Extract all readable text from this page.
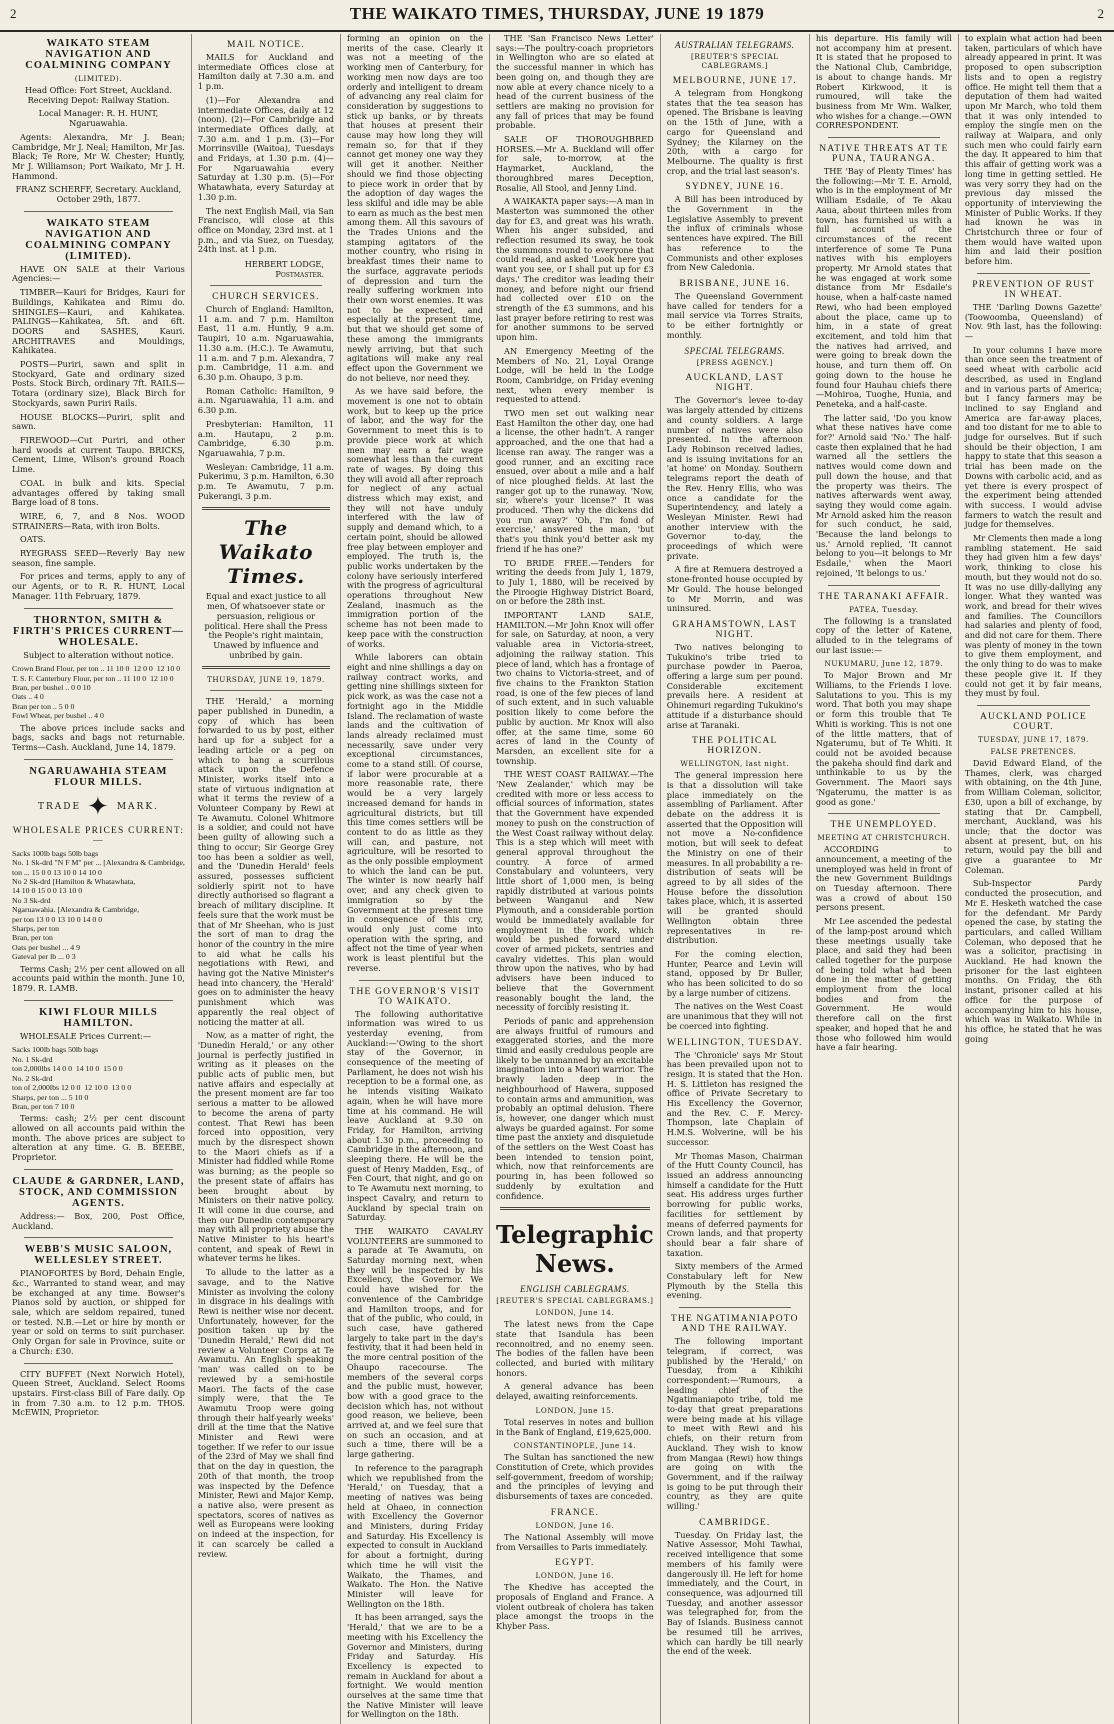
2	THE WAIKATO TIMES, THURSDAY, JUNE 19 1879	2
WAIKATO STEAM NAVIGATION AND COALMINING COMPANY
(LIMITED).

Head Office: Fort Street, Auckland. Receiving Depot: Railway Station.

Local Manager: R. H. HUNT, Ngaruawahia.

Agents: Alexandra, Mr J. Bean; Cambridge, Mr J. Neal; Hamilton, Mr Jas. Black; Te Rore, Mr W. Chester; Huntly, Mr J. Williamson; Port Waikato, Mr J. H. Hammond.

FRANZ SCHERFF, Secretary. Auckland, October 29th, 1877.

WAIKATO STEAM NAVIGATION AND COALMINING COMPANY (LIMITED).

HAVE ON SALE at their Various Agencies:—

TIMBER—Kauri for Bridges, Kauri for Buildings, Kahikatea and Rimu do. SHINGLES—Kauri, and Kahikatea. PALINGS—Kahikatea, 5ft. and 6ft. DOORS and SASHES, Kauri. ARCHITRAVES and Mouldings, Kahikatea.

POSTS—Puriri, sawn and split in Stockyard, Gate and ordinary sized Posts. Stock Birch, ordinary 7ft. RAILS—Totara (ordinary size), Black Birch for Stockyards, sawn Puriri Rails.

HOUSE BLOCKS—Puriri, split and sawn.

FIREWOOD—Cut Puriri, and other hard woods at current Taupo. BRICKS, Cement, Lime, Wilson's ground Roach Lime.

COAL in bulk and kits. Special advantages offered by taking small Barge load of 8 tons.

WIRE, 6, 7, and 8 Nos. WOOD STRAINERS—Rata, with iron Bolts.

OATS.

RYEGRASS SEED—Reverly Bay new season, fine sample.

For prices and terms, apply to any of our Agents, or to R. R. HUNT, Local Manager. 11th February, 1879.

THORNTON, SMITH & FIRTH'S PRICES CURRENT—WHOLESALE.

Subject to alteration without notice.

Crown Brand Flour, per ton .. 11 10 0  12 0 0  12 10 0
T. S. F. Canterbury Flour, per ton .. 11 10 0  12 10 0
Bran, per bushel .. 0 0 10
Oats .. 4 0
Bran per ton .. 5 0 0
Fowl Wheat, per bushel .. 4 0

The above prices include sacks and bags, sacks and bags not returnable. Terms—Cash. Auckland, June 14, 1879.

NGARUAWAHIA STEAM FLOUR MILLS.
TRADE ✦ MARK.
WHOLESALE PRICES CURRENT:—
Sacks 100lb bags 50lb bags
No. 1 Sk-drd "N F M" per ... [Alexandra & Cambridge,
ton ... 15 0 0 13 10 0 14 10 0
No 2 Sk-drd [Hamilton & Whatawhata,
14 10 0 15 0 0 13 10 0
No 3 Sk-drd
Ngaruawahia. [Alexandra & Cambridge,
per ton 13 0 0 13 10 0 14 0 0
Sharps, per ton
Bran, per ton
Oats per bushel ... 4 9
Gateval per lb ... 0 3

Terms Cash; 2½ per cent allowed on all accounts paid within the month. June 10, 1879. R. LAMB.

KIWI FLOUR MILLS HAMILTON.

WHOLESALE Prices Current:—

Sacks 100lb bags 50lb bags
No. 1 Sk-drd
ton 2,000lbs 14 0 0  14 10 0  15 0 0
No. 2 Sk-drd
ton of 2,000lbs 12 0 0  12 10 0  13 0 0
Sharps, per ton ... 5 10 0
Bran, per ton 7 10 0

Terms: cash; 2½ per cent discount allowed on all accounts paid within the month. The above prices are subject to alteration at any time. G. B. BEEBE, Proprietor.

CLAUDE & GARDNER, LAND, STOCK, AND COMMISSION AGENTS.

Address:— Box, 200, Post Office, Auckland.

WEBB'S MUSIC SALOON, WELLESLEY STREET.

PIANOFORTES by Bord, Dehain Engle, &c., Warranted to stand wear, and may be exchanged at any time. Bowser's Pianos sold by auction, or shipped for sale, which are seldom repaired, tuned or tested. N.B.—Let or hire by month or year or sold on terms to suit purchaser. Only Organ for sale in Province, suite or a Church: £30.

CITY BUFFET (Next Norwich Hotel), Queen Street, Auckland. Select Rooms upstairs. First-class Bill of Fare daily. Op in from 7.30 a.m. to 12 p.m. THOS. McEWIN, Proprietor.

MAIL NOTICE.

MAILS for Auckland and intermediate Offices close at Hamilton daily at 7.30 a.m. and 1 p.m.

(1)—For Alexandra and intermediate Offices, daily at 12 (noon). (2)—For Cambridge and intermediate Offices daily, at 7.30 a.m. and 1 p.m. (3)—For Morrinsville (Waitoa), Tuesdays and Fridays, at 1.30 p.m. (4)—For Ngaruawahia every Saturday at 1.30 p.m. (5)—For Whatawhata, every Saturday at 1.30 p.m.

The next English Mail, via San Francisco, will close at this office on Monday, 23rd inst. at 1 p.m., and via Suez, on Tuesday, 24th inst. at 1 p.m.

HERBERT LODGE, Postmaster.
CHURCH SERVICES.

Church of England: Hamilton, 11 a.m. and 7 p.m. Hamilton East, 11 a.m. Huntly, 9 a.m. Taupiri, 10 a.m. Ngaruawahia, 11.30 a.m. (H.C.). Te Awamutu, 11 a.m. and 7 p.m. Alexandra, 7 p.m. Cambridge, 11 a.m. and 6.30 p.m. Ohaupo, 3 p.m.

Roman Catholic: Hamilton, 9 a.m. Ngaruawahia, 11 a.m. and 6.30 p.m.

Presbyterian: Hamilton, 11 a.m. Hautapu, 2 p.m. Cambridge, 6.30 p.m. Ngaruawahia, 7 p.m.

Wesleyan: Cambridge, 11 a.m. Pukerimu, 3 p.m. Hamilton, 6.30 p.m. Te Awamutu, 7 p.m. Pukerangi, 3 p.m.

The Waikato Times.

Equal and exact justice to all men, Of whatsoever state or persuasion, religious or political. Here shall the Press the People's right maintain, Unawed by influence and unbribed by gain.

THURSDAY, JUNE 19, 1879.

THE 'Herald,' a morning paper published in Dunedin, a copy of which has been forwarded to us by post, either hard up for a subject for a leading article or a peg on which to hang a scurrilous attack upon the Defence Minister, works itself into a state of virtuous indignation at what it terms the review of a Volunteer Company by Rewi at Te Awamutu. Colonel Whitmore is a soldier, and could not have been guilty of allowing such a thing to occur; Sir George Grey too has been a soldier as well, and the 'Dunedin Herald' feels assured, possesses sufficient soldierly spirit not to have directly authorised so flagrant a breach of military discipline. It feels sure that the work must be that of Mr Sheehan, who is just the sort of man to drag the honor of the country in the mire to aid what he calls his negotiations with Rewi, and having got the Native Minister's head into chancery, the 'Herald' goes on to administer the heavy punishment which was apparently the real object of noticing the matter at all.

Now, as a matter of right, the 'Dunedin Herald,' or any other journal is perfectly justified in writing as it pleases on the public acts of public men, but native affairs and especially at the present moment are far too serious a matter to be allowed to become the arena of party contest. That Rewi has been forced into opposition, very much by the disrespect shown to the Maori chiefs as if a Minister had fiddled while Rome was burning; as the people so the present state of affairs has been brought about by Ministers on their native policy. It will come in due course, and then our Dunedin contemporary may with all propriety abuse the Native Minister to his heart's content, and speak of Rewi in whatever terms he likes.

To allude to the latter as a savage, and to the Native Minister as involving the colony in disgrace in his dealings with Rewi is neither wise nor decent. Unfortunately, however, for the position taken up by the 'Dunedin Herald,' Rewi did not review a Volunteer Corps at Te Awamutu. An English speaking 'man' was called on to be reviewed by a semi-hostile Maori. The facts of the case simply were, that the Te Awamutu Troop were going through their half-yearly weeks' drill at the time that the Native Minister and Rewi were together. If we refer to our issue of the 23rd of May we shall find that on the day in question, the 20th of that month, the troop was inspected by the Defence Minister, Rewi and Major Kemp, a native also, were present as spectators, scores of natives as well as Europeans were looking on indeed at the inspection, for it can scarcely be called a review.

forming an opinion on the merits of the case. Clearly it was not a meeting of the working men of Canterbury, for working men now days are too orderly and intelligent to dream of advancing any real claim for consideration by suggestions to stick up banks, or by threats that houses at present their cause may how long they will remain so, for that if they cannot get money one way they will get it another. Neither should we find those objecting to piece work in order that by the adoption of day wages the less skilful and idle may be able to earn as much as the best men among them. All this savours of the Trades Unions and the stamping agitators of the mother country, who rising in breakfast times their name to the surface, aggravate periods of depression and turn the really suffering workmen into their own worst enemies. It was not to be expected, and especially at the present time, but that we should get some of these among the immigrants newly arriving, but that such agitations will make any real effect upon the Government we do not believe, nor need they.

As we have said before, the movement is one not to obtain work, but to keep up the price of labor, and the way for the Government to meet this is to provide piece work at which men may earn a fair wage somewhat less than the current rate of wages. By doing this they will avoid all after reproach for neglect of any actual distress which may exist, and they will not have unduly interfered with the law of supply and demand which, to a certain point, should be allowed free play between employer and employed. The truth is, the public works undertaken by the colony have seriously interfered with the progress of agricultural operations throughout New Zealand, inasmuch as the immigration portion of the scheme has not been made to keep pace with the construction of works.

While laborers can obtain eight and nine shillings a day on railway contract works, and getting nine shillings sixteen for pick work, as was the case not a fortnight ago in the Middle Island. The reclamation of waste lands and the cultivation of lands already reclaimed must necessarily, save under very exceptional circumstances, come to a stand still. Of course, if labor were procurable at a more reasonable rate, there would be a very largely increased demand for hands in agricultural districts, but till this time comes settlers will be content to do as little as they will can, and pasture, not agriculture, will be resorted to as the only possible employment to which the land can be put. The winter is now nearly half over, and any check given to immigration so by the Government at the present time in consequence of this cry, would only just come into operation with the spring, and affect not the time of year when work is least plentiful but the reverse.

THE GOVERNOR'S VISIT TO WAIKATO.

The following authoritative information was wired to us yesterday evening, from Auckland:—'Owing to the short stay of the Governor, in consequence of the meeting of Parliament, he does not wish his reception to be a formal one, as he intends visiting Waikato again, when he will have more time at his command. He will leave Auckland at 9.30 on Friday, for Hamilton, arriving about 1.30 p.m., proceeding to Cambridge in the afternoon, and sleeping there. He will be the guest of Henry Madden, Esq., of Fen Court, that night, and go on to Te Awamutu next morning, to inspect Cavalry, and return to Auckland by special train on Saturday.

THE WAIKATO CAVALRY VOLUNTEERS are summoned to a parade at Te Awamutu, on Saturday morning next, when they will be inspected by his Excellency, the Governor. We could have wished for the convenience of the Cambridge and Hamilton troops, and for that of the public, who could, in such case, have gathered largely to take part in the day's festivity, that it had been held in the more central position of the Ohaupo racecourse. The members of the several corps and the public must, however, bow with a good grace to the decision which has, not without good reason, we believe, been arrived at, and we feel sure that on such an occasion, and at such a time, there will be a large gathering.

In reference to the paragraph which we republished from the 'Herald,' on Tuesday, that a meeting of natives was being held at Ohaeo, in connection with Excellency the Governor and Ministers, during Friday and Saturday. His Excellency is expected to consult in Auckland for about a fortnight, during which time he will visit the Waikato, the Thames, and Waikato. The Hon. the Native Minister will leave for Wellington on the 18th.

It has been arranged, says the 'Herald,' that we are to be a meeting with his Excellency the Governor and Ministers, during Friday and Saturday. His Excellency is expected to remain in Auckland for about a fortnight. We would mention ourselves at the same time that the Native Minister will leave for Wellington on the 18th.

THE 'San Francisco News Letter' says:—The poultry-coach proprietors in Wellington who are so elated at the successful manner in which has been going on, and though they are now able at every chance nicely to a head of the current business of the settlers are making no provision for any fall of prices that may be found probable.

SALE OF THOROUGHBRED HORSES.—Mr A. Buckland will offer for sale, to-morrow, at the Haymarket, Auckland, the thoroughbred mares Deception, Rosalie, All Stool, and Jenny Lind.

A WAIKAKTA paper says:—A man in Masterton was summoned the other day for £3, and great was his wrath. When his anger subsided, and reflection resumed its sway, he took the summons round to everyone that could read, and asked 'Look here you want you see, or I shall put up for £3 days.' The creditor was leading their money, and before night our friend had collected over £10 on the strength of the £3 summons, and his last prayer before retiring to rest was for another summons to be served upon him.

AN Emergency Meeting of the Members of No. 21, Loyal Orange Lodge, will be held in the Lodge Room, Cambridge, on Friday evening next, when every member is requested to attend.

TWO men set out walking near East Hamilton the other day, one had a license, the other hadn't. A ranger approached, and the one that had a license ran away. The ranger was a good runner, and an exciting race ensued, over about a mile and a half of nice ploughed fields. At last the ranger got up to the runaway. 'Now, sir, where's your license?' It was produced. 'Then why the dickens did you run away?' 'Oh, I'm fond of exercise,' answered the man, 'but that's you think you'd better ask my friend if he has one?'

TO BRIDE FREE.—Tenders for writing the deeds from July 1, 1879, to July 1, 1880, will be received by the Piroogie Highway District Board, on or before the 28th inst.

IMPORTANT LAND SALE, HAMILTON.—Mr John Knox will offer for sale, on Saturday, at noon, a very valuable area in Victoria-street, adjoining the railway station. This piece of land, which has a frontage of two chains to Victoria-street, and of five chains to the Frankton Station road, is one of the few pieces of land of such extent, and in such valuable position likely to come before the public by auction. Mr Knox will also offer, at the same time, some 60 acres of land in the County of Marsden, an excellent site for a township.

THE WEST COAST RAILWAY.—The 'New Zealander,' which may be credited with more or less access to official sources of information, states that the Government have expended money to push on the construction of the West Coast railway without delay. This is a step which will meet with general approval throughout the country. A force of armed Constabulary and volunteers, very little short of 1,000 men, is being rapidly distributed at various points between Wanganui and New Plymouth, and a considerable portion would be immediately available for employment in the work, which would be pushed forward under cover of armed pickets, sentries and cavalry videttes. This plan would throw upon the natives, who by had advisers have been induced to believe that the Government reasonably bought the land, the necessity of forcibly resisting it.

Periods of panic and apprehension are always fruitful of rumours and exaggerated stories, and the more timid and easily credulous people are likely to be unmanned by an excitable imagination into a Maori warrior. The brawly laden deep in the neighbourhood of Hawera, supposed to contain arms and ammunition, was probably an optimal delusion. There is, however, one danger which must always be guarded against. For some time past the anxiety and disquietude of the settlers on the West Coast has been intended to tension point, which, now that reinforcements are pouring in, has been followed so suddenly by exultation and confidence.

Telegraphic News.
ENGLISH CABLEGRAMS.
[REUTER'S SPECIAL CABLEGRAMS.]
LONDON, June 14.

The latest news from the Cape state that Isandula has been reconnoitred, and no enemy seen. The bodies of the fallen have been collected, and buried with military honors.

A general advance has been delayed, awaiting reinforcements.

LONDON, June 15.

Total reserves in notes and bullion in the Bank of England, £19,625,000.

CONSTANTINOPLE, June 14.

The Sultan has sanctioned the new Constitution of Crete, which provides self-government, freedom of worship; and the principles of levying and disbursements of taxes are conceded.

FRANCE.
LONDON, June 16.

The National Assembly will move from Versailles to Paris immediately.

EGYPT.
LONDON, June 16.

The Khedive has accepted the proposals of England and France. A violent outbreak of cholera has taken place amongst the troops in the Khyber Pass.

AUSTRALIAN TELEGRAMS.
[REUTER'S SPECIAL CABLEGRAMS.]
MELBOURNE, JUNE 17.

A telegram from Hongkong states that the tea season has opened. The Brisbane is leaving on the 15th of June, with a cargo for Queensland and Sydney; the Kilarney on the 20th, with a cargo for Melbourne. The quality is first crop, and the trial last season's.

SYDNEY, JUNE 16.

A Bill has been introduced by the Government in the Legislative Assembly to prevent the influx of criminals whose sentences have expired. The Bill has reference to the Communists and other exploses from New Caledonia.

BRISBANE, JUNE 16.

The Queensland Government have called for tenders for a mail service via Torres Straits, to be either fortnightly or monthly.

SPECIAL TELEGRAMS.
[PRESS AGENCY.]
AUCKLAND, LAST NIGHT.

The Governor's levee to-day was largely attended by citizens and county soldiers. A large number of natives were also presented. In the afternoon Lady Robinson received ladies, and is issuing invitations for an 'at home' on Monday. Southern telegrams report the death of the Rev. Henry Ellis, who was once a candidate for the Superintendency, and lately a Wesleyan Minister. Rewi had another interview with the Governor to-day, the proceedings of which were private.

A fire at Remuera destroyed a stone-fronted house occupied by Mr Gould. The house belonged to Mr Morrin, and was uninsured.

GRAHAMSTOWN, LAST NIGHT.

Two natives belonging to Tukukino's tribe tried to purchase powder in Paeroa, offering a large sum per pound. Considerable excitement prevails here. A resident at Ohinemuri regarding Tukukino's attitude if a disturbance should arise at Taranaki.

THE POLITICAL HORIZON.
WELLINGTON, last night.

The general impression here is that a dissolution will take place immediately on the assembling of Parliament. After debate on the address it is asserted that the Opposition will not move a No-confidence motion, but will seek to defeat the Ministry on one of their measures. In all probability a re-distribution of seats will be agreed to by all sides of the House before the dissolution takes place, which, it is asserted will be granted should Wellington obtain three representatives in re-distribution.

For the coming election, Hunter, Pearce and Levin will stand, opposed by Dr Buller, who has been solicited to do so by a large number of citizens.

The natives on the West Coast are unanimous that they will not be coerced into fighting.

WELLINGTON, TUESDAY.

The 'Chronicle' says Mr Stout has been prevailed upon not to resign. It is stated that the Hon. H. S. Littleton has resigned the office of Private Secretary to His Excellency the Governor, and the Rev. C. F. Mercy-Thompson, late Chaplain of H.M.S. Wolverine, will be his successor.

Mr Thomas Mason, Chairman of the Hutt County Council, has issued an address announcing himself a candidate for the Hutt seat. His address urges further borrowing for public works, facilities for settlement by means of deferred payments for Crown lands, and that property should bear a fair share of taxation.

Sixty members of the Armed Constabulary left for New Plymouth by the Stella this evening.

THE NGATIMANIAPOTO AND THE RAILWAY.

The following important telegram, if correct, was published by the 'Herald,' on Tuesday, from a Kihikihi correspondent:—'Rumours, a leading chief of the Ngatimaniapoto tribe, told me to-day that great preparations were being made at his village to meet with Rewi and his chiefs, on their return from Auckland. They wish to know from Mangaa (Rewi) how things are going on with the Government, and if the railway is going to be put through their country, as they are quite willing.'

CAMBRIDGE.

Tuesday. On Friday last, the Native Assessor, Mohi Tawhai, received intelligence that some members of his family were dangerously ill. He left for home immediately, and the Court, in consequence, was adjourned till Tuesday, and another assessor was telegraphed for, from the Bay of Islands. Business cannot be resumed till he arrives, which can hardly be till nearly the end of the week.

his departure. His family will not accompany him at present. It is stated that he proposed to the National Club, Cambridge, is about to change hands. Mr Robert Kirkwood, it is rumoured, will take the business from Mr Wm. Walker, who wishes for a change.—OWN CORRESPONDENT.

NATIVE THREATS AT TE PUNA, TAURANGA.

THE 'Bay of Plenty Times' has the following:—Mr T. E. Arnold, who is in the employment of Mr William Esdaile, of Te Akau Aaua, about thirteen miles from town, has furnished us with a full account of the circumstances of the recent interference of some Te Puna natives with his employers property. Mr Arnold states that he was engaged at work some distance from Mr Esdaile's house, when a half-caste named Rewi, who had been employed about the place, came up to him, in a state of great excitement, and told him that the natives had arrived, and were going to break down the house, and turn them off. On going down to the house he found four Hauhau chiefs there—Mohiroa, Tuoghe, Hunia, and Peneteka, and a half-caste.

The latter said, 'Do you know what these natives have come for?' Arnold said 'No.' The half-caste then explained that he had warned all the settlers the natives would come down and pull down the house, and that the property was theirs. The natives afterwards went away, saying they would come again. Mr Arnold asked him the reason for such conduct, he said, 'Because the land belongs to us.' Arnold replied, 'It cannot belong to you—it belongs to Mr Esdaile,' when the Maori rejoined, 'It belongs to us.'

THE TARANAKI AFFAIR.
PATEA, Tuesday.

The following is a translated copy of the letter of Katene, alluded to in the telegrams of our last issue:—

NUKUMARU, June 12, 1879.

To Major Brown and Mr Williams, to the Friends I love. Salutations to you. This is my word. That both you may shape or form this trouble that Te Whiti is working. This is not one of the little matters, that of Ngaterumu, but of Te Whiti. It could not be avoided because the pakeha should find dark and unthinkable to us by the Government. The Maori says 'Ngaterumu, the matter is as good as gone.'

THE UNEMPLOYED.
MEETING AT CHRISTCHURCH.

ACCORDING to announcement, a meeting of the unemployed was held in front of the new Government Buildings on Tuesday afternoon. There was a crowd of about 150 persons present.

Mr Lee ascended the pedestal of the lamp-post around which these meetings usually take place, and said they had been called together for the purpose of being told what had been done in the matter of getting employment from the local bodies and from the Government. He would therefore call on the first speaker, and hoped that he and those who followed him would have a fair hearing.

to explain what action had been taken, particulars of which have already appeared in print. It was proposed to open subscription lists and to open a registry office. He might tell them that a deputation of them had waited upon Mr March, who told them that it was only intended to employ the single men on the railway at Waipara, and only such men who could fairly earn the day. It appeared to him that this affair of getting work was a long time in getting settled. He was very sorry they had on the previous day missed the opportunity of interviewing the Minister of Public Works. If they had known he was in Christchurch three or four of them would have waited upon him and laid their position before him.

PREVENTION OF RUST IN WHEAT.

THE 'Darling Downs Gazette' (Toowoomba, Queensland) of Nov. 9th last, has the following:—

In your columns I have more than once seen the treatment of seed wheat with carbolic acid described, as used in England and in various parts of America; but I fancy farmers may be inclined to say England and America are far-away places, and too distant for me to able to judge for ourselves. But if such should be their objection, I am happy to state that this season a trial has been made on the Downs with carbolic acid, and as yet there is every prospect of the experiment being attended with success. I would advise farmers to watch the result and judge for themselves.

Mr Clements then made a long rambling statement. He said they had given him a few days' work, thinking to close his mouth, but they would not do so. It was no use dilly-dallying any longer. What they wanted was work, and bread for their wives and families. The Councillors had salaries and plenty of food, and did not care for them. There was plenty of money in the town to give them employment, and the only thing to do was to make these people give it. If they could not get it by fair means, they must by foul.

AUCKLAND POLICE COURT.
TUESDAY, JUNE 17, 1879.
FALSE PRETENCES.

David Edward Eland, of the Thames, clerk, was charged with obtaining, on the 4th June, from William Coleman, solicitor, £30, upon a bill of exchange, by stating that Dr. Campbell, merchant, Auckland, was his uncle; that the doctor was absent at present, but, on his return, would pay the bill and give a guarantee to Mr Coleman.

Sub-Inspector Pardy conducted the prosecution, and Mr E. Hesketh watched the case for the defendant. Mr Pardy opened the case, by stating the particulars, and called William Coleman, who deposed that he was a solicitor, practising in Auckland. He had known the prisoner for the last eighteen months. On Friday, the 6th instant, prisoner called at his office for the purpose of accompanying him to his house, which was in Waikato. While in his office, he stated that he was going
